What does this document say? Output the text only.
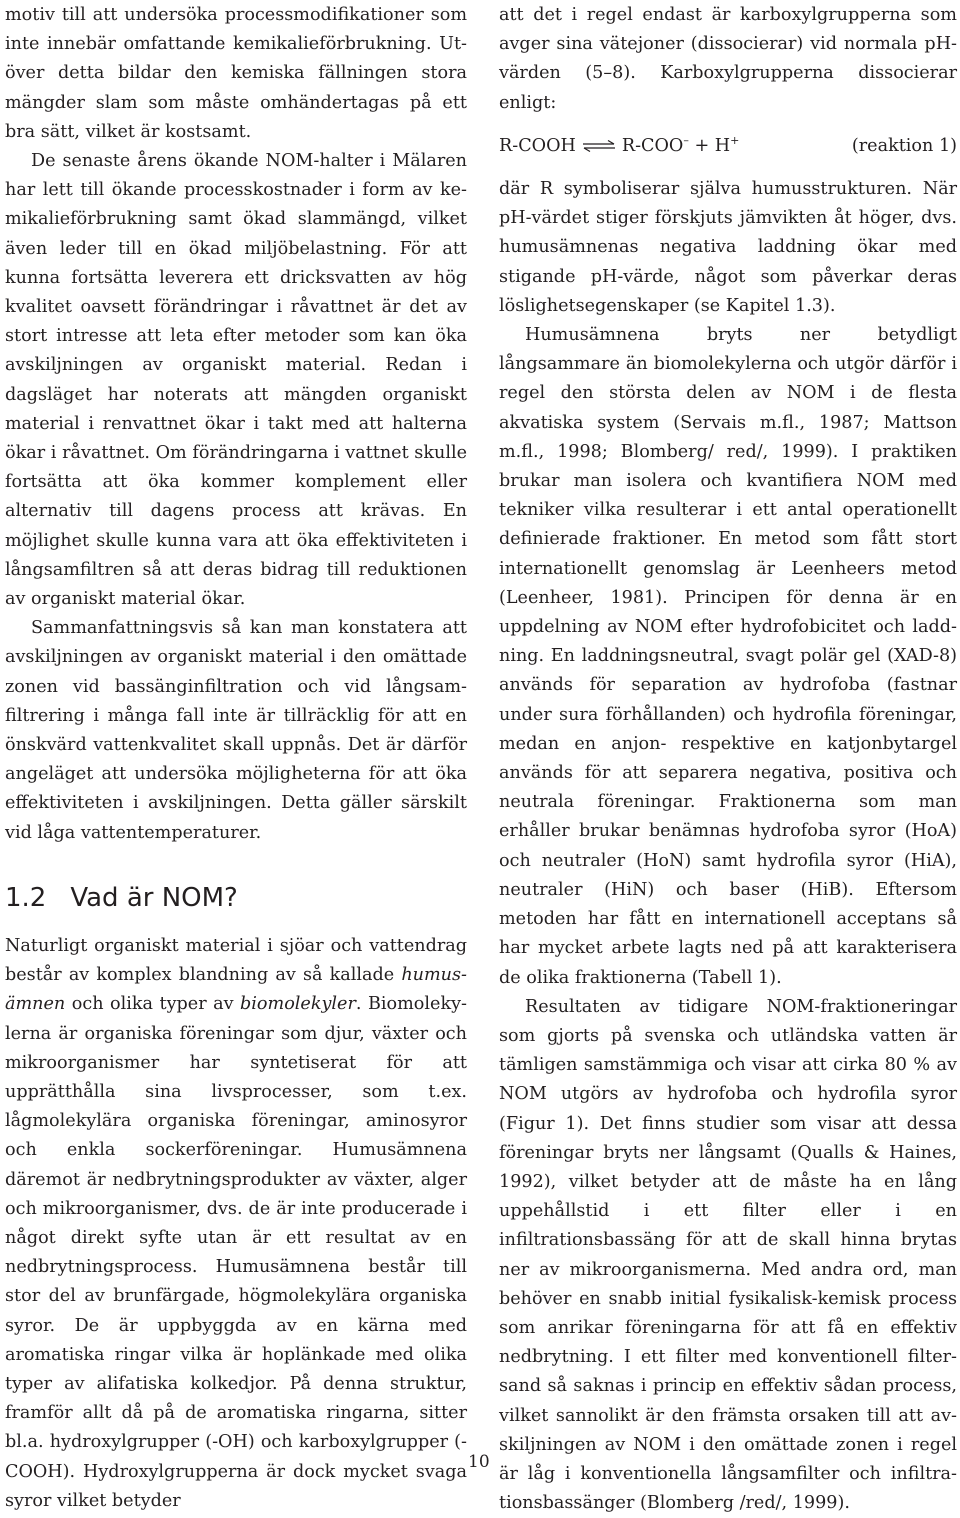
motiv till att undersöka processmodifikationer som inte innebär omfattande kemikalieförbrukning. Utöver detta bildar den kemiska fällningen stora mängder slam som måste omhändertagas på ett bra sätt, vilket är kostsamt.

De senaste årens ökande NOM-halter i Mälaren har lett till ökande processkostnader i form av kemikalieförbrukning samt ökad slammängd, vilket även leder till en ökad miljöbelastning. För att kunna fortsätta leverera ett dricksvatten av hög kvalitet oavsett förändringar i råvattnet är det av stort intresse att leta efter metoder som kan öka avskiljningen av organiskt material. Redan i dagsläget har noterats att mängden organiskt material i renvattnet ökar i takt med att halterna ökar i råvattnet. Om förändringarna i vattnet skulle fortsätta att öka kommer komplement eller alternativ till dagens process att krävas. En möjlighet skulle kunna vara att öka effektiviteten i långsamfiltren så att deras bidrag till reduktionen av organiskt material ökar.

Sammanfattningsvis så kan man konstatera att avskiljningen av organiskt material i den omättade zonen vid bassänginfiltration och vid långsamfiltrering i många fall inte är tillräcklig för att en önskvärd vattenkvalitet skall uppnås. Det är därför angeläget att undersöka möjligheterna för att öka effektiviteten i avskiljningen. Detta gäller särskilt vid låga vattentemperaturer.

1.2 Vad är NOM?

Naturligt organiskt material i sjöar och vattendrag består av komplex blandning av så kallade humusämnen och olika typer av biomolekyler. Biomolekylerna är organiska föreningar som djur, växter och mikroorganismer har syntetiserat för att upprätthålla sina livsprocesser, som t.ex. lågmolekylära organiska föreningar, aminosyror och enkla sockerföreningar. Humusämnena däremot är nedbrytningsprodukter av växter, alger och mikroorganismer, dvs. de är inte producerade i något direkt syfte utan är ett resultat av en nedbrytningsprocess. Humusämnena består till stor del av brunfärgade, högmolekylära organiska syror. De är uppbyggda av en kärna med aromatiska ringar vilka är hoplänkade med olika typer av alifatiska kolkedjor. På denna struktur, framför allt då på de aromatiska ringarna, sitter bl.a. hydroxylgrupper (-OH) och karboxylgrupper (-COOH). Hydroxylgrupperna är dock mycket svaga syror vilket betyder

att det i regel endast är karboxylgrupperna som avger sina vätejoner (dissocierar) vid normala pH-värden (5–8). Karboxylgrupperna dissocierar enligt:

R-COOH ⇌ R-COO– + H+	(reaktion 1)

där R symboliserar själva humusstrukturen. När pH-värdet stiger förskjuts jämvikten åt höger, dvs. humusämnenas negativa laddning ökar med stigande pH-värde, något som påverkar deras löslighetsegenskaper (se Kapitel 1.3).

Humusämnena bryts ner betydligt långsammare än biomolekylerna och utgör därför i regel den största delen av NOM i de flesta akvatiska system (Servais m.fl., 1987; Mattson m.fl., 1998; Blomberg/ red/, 1999). I praktiken brukar man isolera och kvantifiera NOM med tekniker vilka resulterar i ett antal operationellt definierade fraktioner. En metod som fått stort internationellt genomslag är Leenheers metod (Leenheer, 1981). Principen för denna är en uppdelning av NOM efter hydrofobicitet och laddning. En laddningsneutral, svagt polär gel (XAD-8) används för separation av hydrofoba (fastnar under sura förhållanden) och hydrofila föreningar, medan en anjon- respektive en katjonbytargel används för att separera negativa, positiva och neutrala föreningar. Fraktionerna som man erhåller brukar benämnas hydrofoba syror (HoA) och neutraler (HoN) samt hydrofila syror (HiA), neutraler (HiN) och baser (HiB). Eftersom metoden har fått en internationell acceptans så har mycket arbete lagts ned på att karakterisera de olika fraktionerna (Tabell 1).

Resultaten av tidigare NOM-fraktioneringar som gjorts på svenska och utländska vatten är tämligen samstämmiga och visar att cirka 80 % av NOM utgörs av hydrofoba och hydrofila syror (Figur 1). Det finns studier som visar att dessa föreningar bryts ner långsamt (Qualls & Haines, 1992), vilket betyder att de måste ha en lång uppehållstid i ett filter eller i en infiltrationsbassäng för att de skall hinna brytas ner av mikroorganismerna. Med andra ord, man behöver en snabb initial fysikalisk-kemisk process som anrikar föreningarna för att få en effektiv nedbrytning. I ett filter med konventionell filtersand så saknas i princip en effektiv sådan process, vilket sannolikt är den främsta orsaken till att avskiljningen av NOM i den omättade zonen i regel är låg i konventionella långsamfilter och infiltrationsbassänger (Blomberg /red/, 1999).

10
